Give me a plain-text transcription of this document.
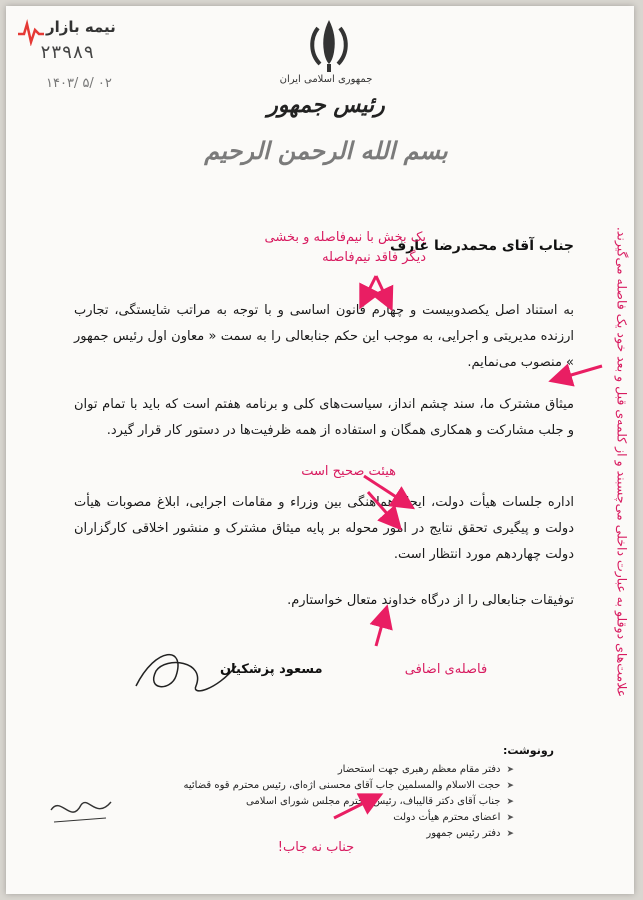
نیمه بازار
۲۳۹۸۹
۱۴۰۳/ ۵/ ۰۲	جمهوری اسلامی ایران
رئیس جمهور
بسم الله الرحمن الرحیم
جناب آقای محمدرضا عارف
به استناد اصل یکصدوبیست و چهارم قانون اساسی و با توجه به مراتب شایستگی، تجارب ارزنده مدیریتی و اجرایی، به موجب این حکم جنابعالی را به سمت « معاون اول رئیس جمهور » منصوب می‌نمایم.
میثاق مشترک ما، سند چشم انداز، سیاست‌های کلی و برنامه هفتم است که باید با تمام توان و جلب مشارکت و همکاری همگان و استفاده از همه ظرفیت‌ها در دستور کار قرار گیرد.
اداره جلسات هیأت دولت، ایجاد هماهنگی بین وزراء و مقامات اجرایی، ابلاغ مصوبات هیأت دولت و پیگیری تحقق نتایج در امور محوله بر پایه میثاق مشترک و منشور اخلاقی کارگزاران دولت چهاردهم مورد انتظار است.
توفیقات جنابعالی را از درگاه خداوند متعال خواستارم.
مسعود پزشکیان
رونوشت:
➤ دفتر مقام معظم رهبری جهت استحضار
➤ حجت الاسلام والمسلمین جاب آقای محسنی اژه‌ای، رئیس محترم قوه قضائیه
➤ جناب آقای دکتر قالیباف، رئیس محترم مجلس شورای اسلامی
➤ اعضای محترم هیأت دولت
➤ دفتر رئیس جمهور
یک بخش با نیم‌فاصله و بخشی دیگر فاقد نیم‌فاصله
هیئت صحیح است
فاصله‌ی اضافی
جناب نه جاب!
علامت‌های دوقلو به عبارت داخلی می‌چسبند و از کلمه‌ی قبل و بعد خود یک فاصله می‌گیرند.
